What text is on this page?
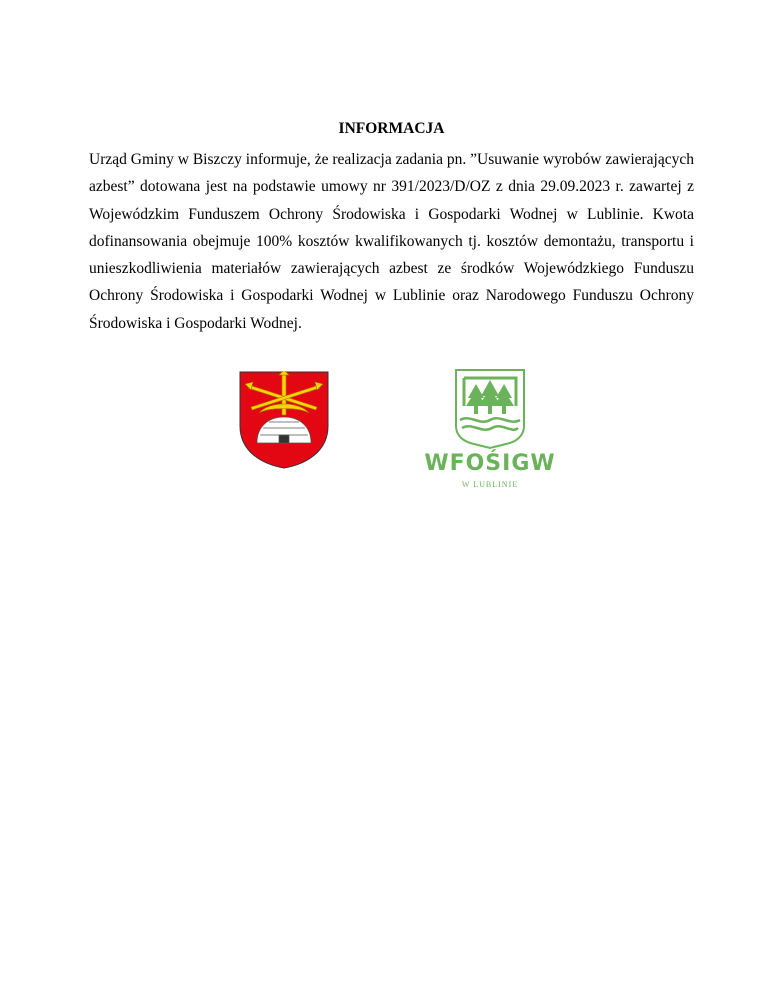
INFORMACJA
Urząd Gminy w Biszczy informuje, że realizacja zadania pn. ”Usuwanie wyrobów zawierających azbest” dotowana jest na podstawie umowy nr 391/2023/D/OZ z dnia 29.09.2023 r. zawartej z Wojewódzkim Funduszem Ochrony Środowiska i Gospodarki Wodnej w Lublinie. Kwota dofinansowania obejmuje 100% kosztów kwalifikowanych tj. kosztów demontażu, transportu i unieszkodliwienia materiałów zawierających azbest ze środków Wojewódzkiego Funduszu Ochrony Środowiska i Gospodarki Wodnej w Lublinie oraz Narodowego Funduszu Ochrony Środowiska i Gospodarki Wodnej.
WFOŚIGW
W LUBLINIE
